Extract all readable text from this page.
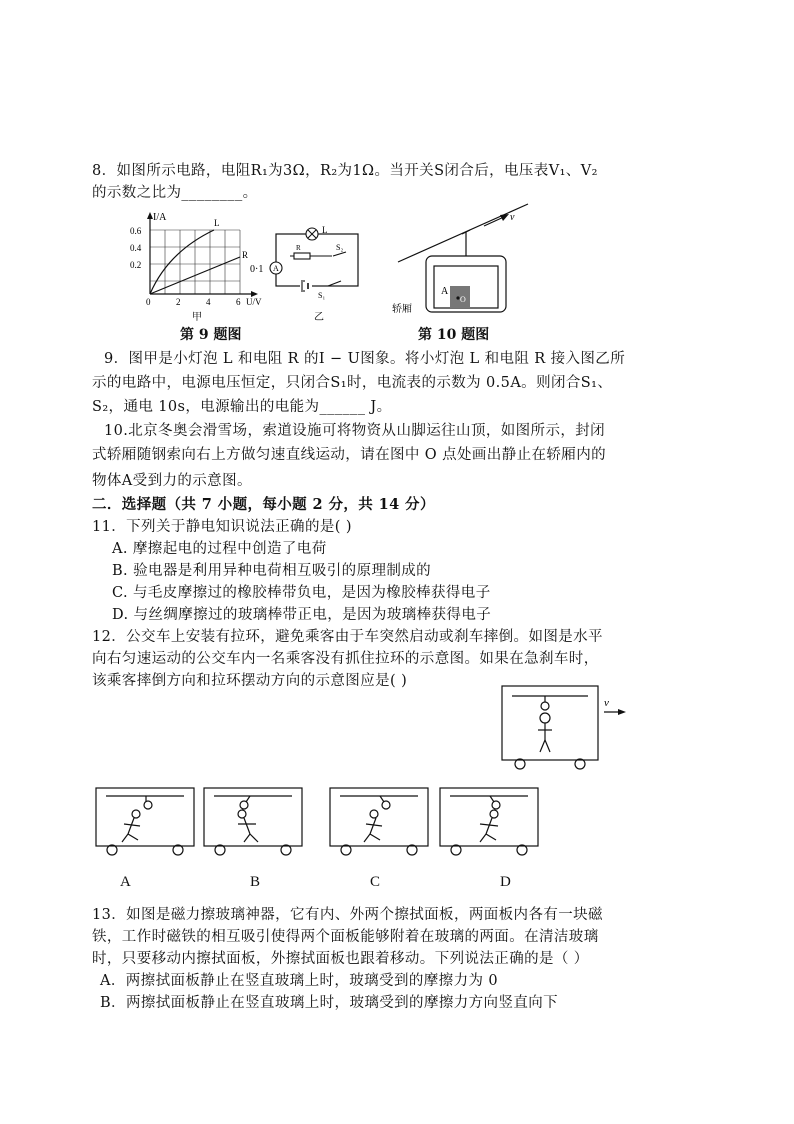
8．如图所示电路，电阻R₁为3Ω，R₂为1Ω。当开关S闭合后，电压表V₁、V₂
的示数之比为________。
I/A
0.6
0.4
0.2
0	2	4	6 U/V
L
R
甲
L
R
A
S₂
S₁
0·1
乙
第 9 题图
v
A
O
轿厢
第 10 题图
9．图甲是小灯泡 L 和电阻 R 的I − U图象。将小灯泡 L 和电阻 R 接入图乙所
示的电路中，电源电压恒定，只闭合S₁时，电流表的示数为 0.5A。则闭合S₁、
S₂，通电 10s，电源输出的电能为______ J。
10.北京冬奥会滑雪场，索道设施可将物资从山脚运往山顶，如图所示，封闭
式轿厢随钢索向右上方做匀速直线运动，请在图中 O 点处画出静止在轿厢内的
物体A受到力的示意图。
二．选择题（共 7 小题，每小题 2 分，共 14 分）
11．下列关于静电知识说法正确的是( )
A. 摩擦起电的过程中创造了电荷
B. 验电器是利用异种电荷相互吸引的原理制成的
C. 与毛皮摩擦过的橡胶棒带负电，是因为橡胶棒获得电子
D. 与丝绸摩擦过的玻璃棒带正电，是因为玻璃棒获得电子
12．公交车上安装有拉环，避免乘客由于车突然启动或刹车摔倒。如图是水平
向右匀速运动的公交车内一名乘客没有抓住拉环的示意图。如果在急刹车时，
该乘客摔倒方向和拉环摆动方向的示意图应是( )
v
A	B	C	D
13．如图是磁力擦玻璃神器，它有内、外两个擦拭面板，两面板内各有一块磁
铁，工作时磁铁的相互吸引使得两个面板能够附着在玻璃的两面。在清洁玻璃
时，只要移动内擦拭面板，外擦拭面板也跟着移动。下列说法正确的是（ ）
A．两擦拭面板静止在竖直玻璃上时，玻璃受到的摩擦力为 0
B．两擦拭面板静止在竖直玻璃上时，玻璃受到的摩擦力方向竖直向下
